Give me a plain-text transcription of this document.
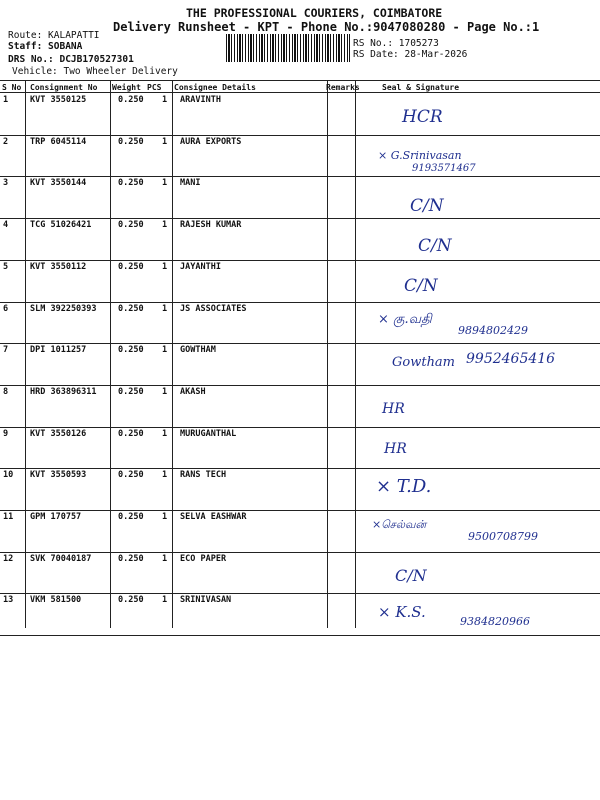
THE PROFESSIONAL COURIERS, COIMBATORE
Delivery Runsheet - KPT - Phone No.:9047080280 - Page No.:1
Route: KALAPATTI
Staff: SOBANA
DRS No.: DCJB170527301
Vehicle: Two Wheeler Delivery
RS No.: 1705273
RS Date: 28-Mar-2026
S No Consignment No Weight PCS Consignee Details	Remarks	Seal & Signature
1	KVT 3550125	0.250 1 ARAVINTH
HCR
2	TRP 6045114	0.250 1 AURA EXPORTS
× G.Srinivasan
9193571467
3	KVT 3550144	0.250 1 MANI
C/N
4	TCG 51026421	0.250 1 RAJESH KUMAR
C/N
5	KVT 3550112	0.250 1 JAYANTHI
C/N
6	SLM 392250393	0.250 1 JS ASSOCIATES
× கு.வதி
9894802429
7	DPI 1011257	0.250 1 GOWTHAM
Gowtham 9952465416
8	HRD 363896311	0.250 1 AKASH
HR
9	KVT 3550126	0.250 1 MURUGANTHAL
HR
10 KVT 3550593	0.250 1 RANS TECH
× T.D.
11 GPM 170757	0.250 1 SELVA EASHWAR
×செல்வன்
9500708799
12 SVK 70040187	0.250 1 ECO PAPER
C/N
13 VKM 581500	0.250 1 SRINIVASAN
× K.S.
9384820966
